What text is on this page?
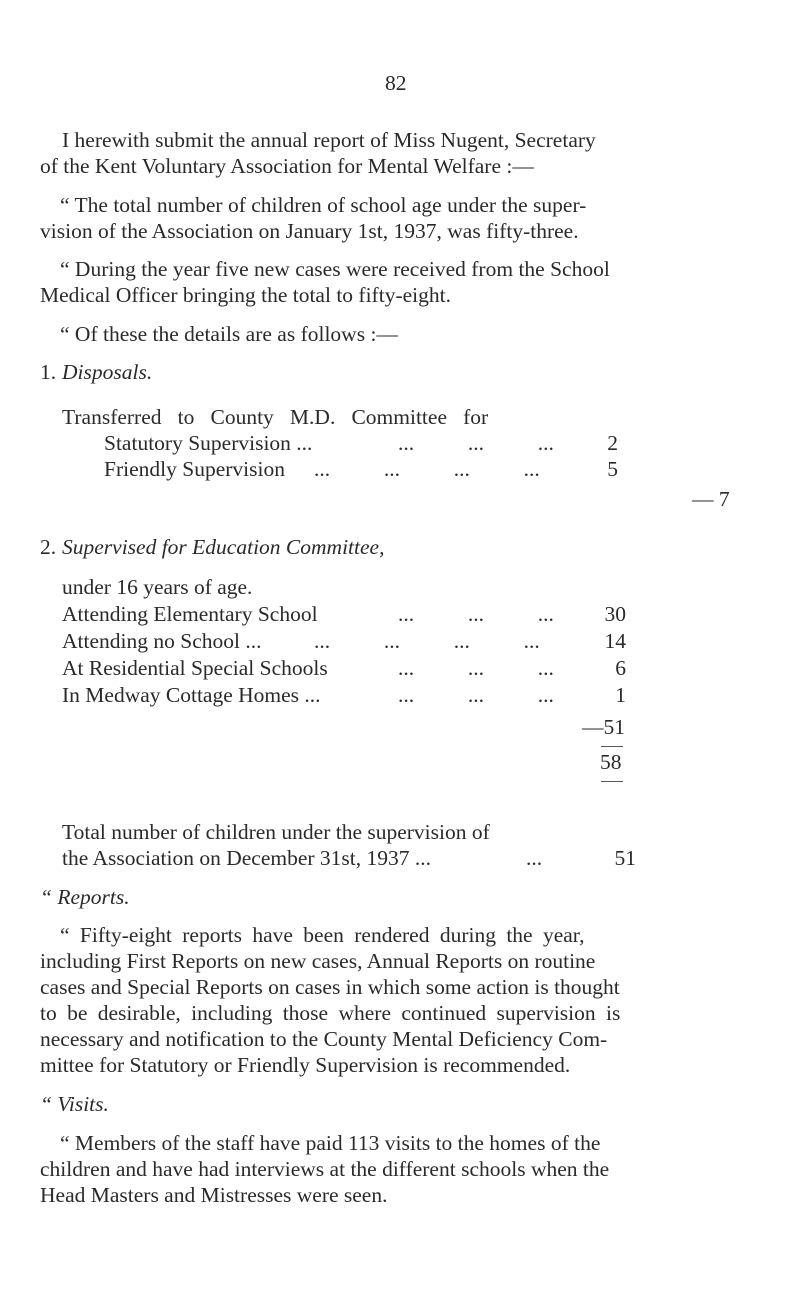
82
I herewith submit the annual report of Miss Nugent, Secretary
of the Kent Voluntary Association for Mental Welfare :—
“ The total number of children of school age under the super-
vision of the Association on January 1st, 1937, was fifty-three.
“ During the year five new cases were received from the School
Medical Officer bringing the total to fifty-eight.
“ Of these the details are as follows :—
1. Disposals.
Transferred   to   County   M.D.   Committee   for
Statutory Supervision ...	...          ...          ...	2
Friendly Supervision ...          ...          ...          ...	5
— 7
2. Supervised for Education Committee,
under 16 years of age.
Attending Elementary School	...          ...          ...	30
Attending no School ... ...          ...          ...          ...	14
At Residential Special Schools	...          ...          ...	6
In Medway Cottage Homes ...	...          ...          ...	1
—51
58
Total number of children under the supervision of
the Association on December 31st, 1937 ...	...	51
“ Reports.
“ Fifty-eight reports have been rendered during the year,
including First Reports on new cases, Annual Reports on routine
cases and Special Reports on cases in which some action is thought
to be desirable, including those where continued supervision is
necessary and notification to the County Mental Deficiency Com-
mittee for Statutory or Friendly Supervision is recommended.
“ Visits.
“ Members of the staff have paid 113 visits to the homes of the
children and have had interviews at the different schools when the
Head Masters and Mistresses were seen.
